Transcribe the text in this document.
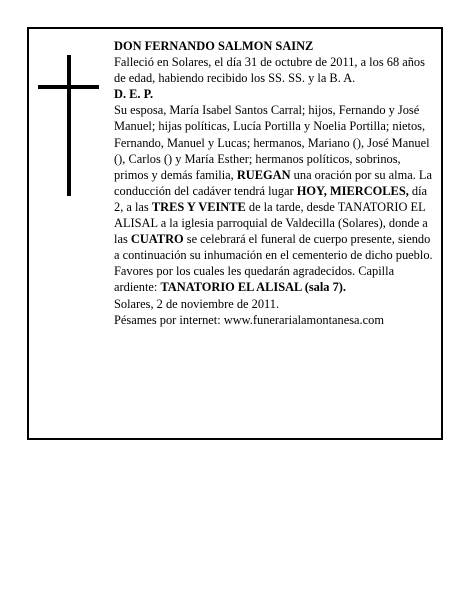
DON FERNANDO SALMON SAINZ

Falleció en Solares, el día 31 de octubre de 2011, a los 68 años de edad, habiendo recibido los SS. SS. y la B. A.

D. E. P.

Su esposa, María Isabel Santos Carral; hijos, Fernando y José Manuel; hijas políticas, Lucía Portilla y Noelia Portilla; nietos, Fernando, Manuel y Lucas; hermanos, Mariano (), José Manuel (), Carlos () y María Esther; hermanos políticos, sobrinos, primos y demás familia, RUEGAN una oración por su alma. La conducción del cadáver tendrá lugar HOY, MIERCOLES, día 2, a las TRES Y VEINTE de la tarde, desde TANATORIO EL ALISAL a la iglesia parroquial de Valdecilla (Solares), donde a las CUATRO se celebrará el funeral de cuerpo presente, siendo a continuación su inhumación en el cementerio de dicho pueblo. Favores por los cuales les quedarán agradecidos. Capilla ardiente: TANATORIO EL ALISAL (sala 7).

Solares, 2 de noviembre de 2011.

Pésames por internet: www.funerarialamontanesa.com
